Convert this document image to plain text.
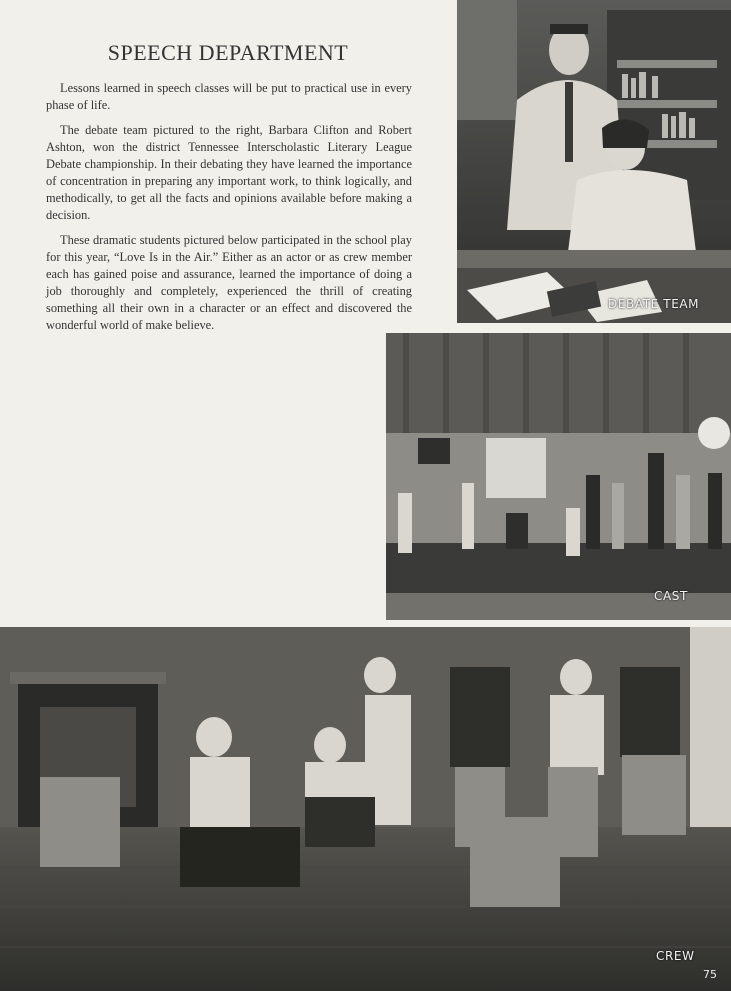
SPEECH DEPARTMENT

Lessons learned in speech classes will be put to practical use in every phase of life.

The debate team pictured to the right, Barbara Clifton and Robert Ashton, won the district Tennessee Interscholastic Literary League Debate championship. In their debating they have learned the importance of concentration in preparing any important work, to think logically, and methodically, to get all the facts and opinions available before making a decision.

These dramatic students pictured below participated in the school play for this year, “Love Is in the Air.” Either as an actor or as crew member each has gained poise and assurance, learned the importance of doing a job thoroughly and completely, experienced the thrill of creating something all their own in a character or an effect and discovered the wonderful world of make believe.

DEBATE TEAM
CAST
CREW
75
